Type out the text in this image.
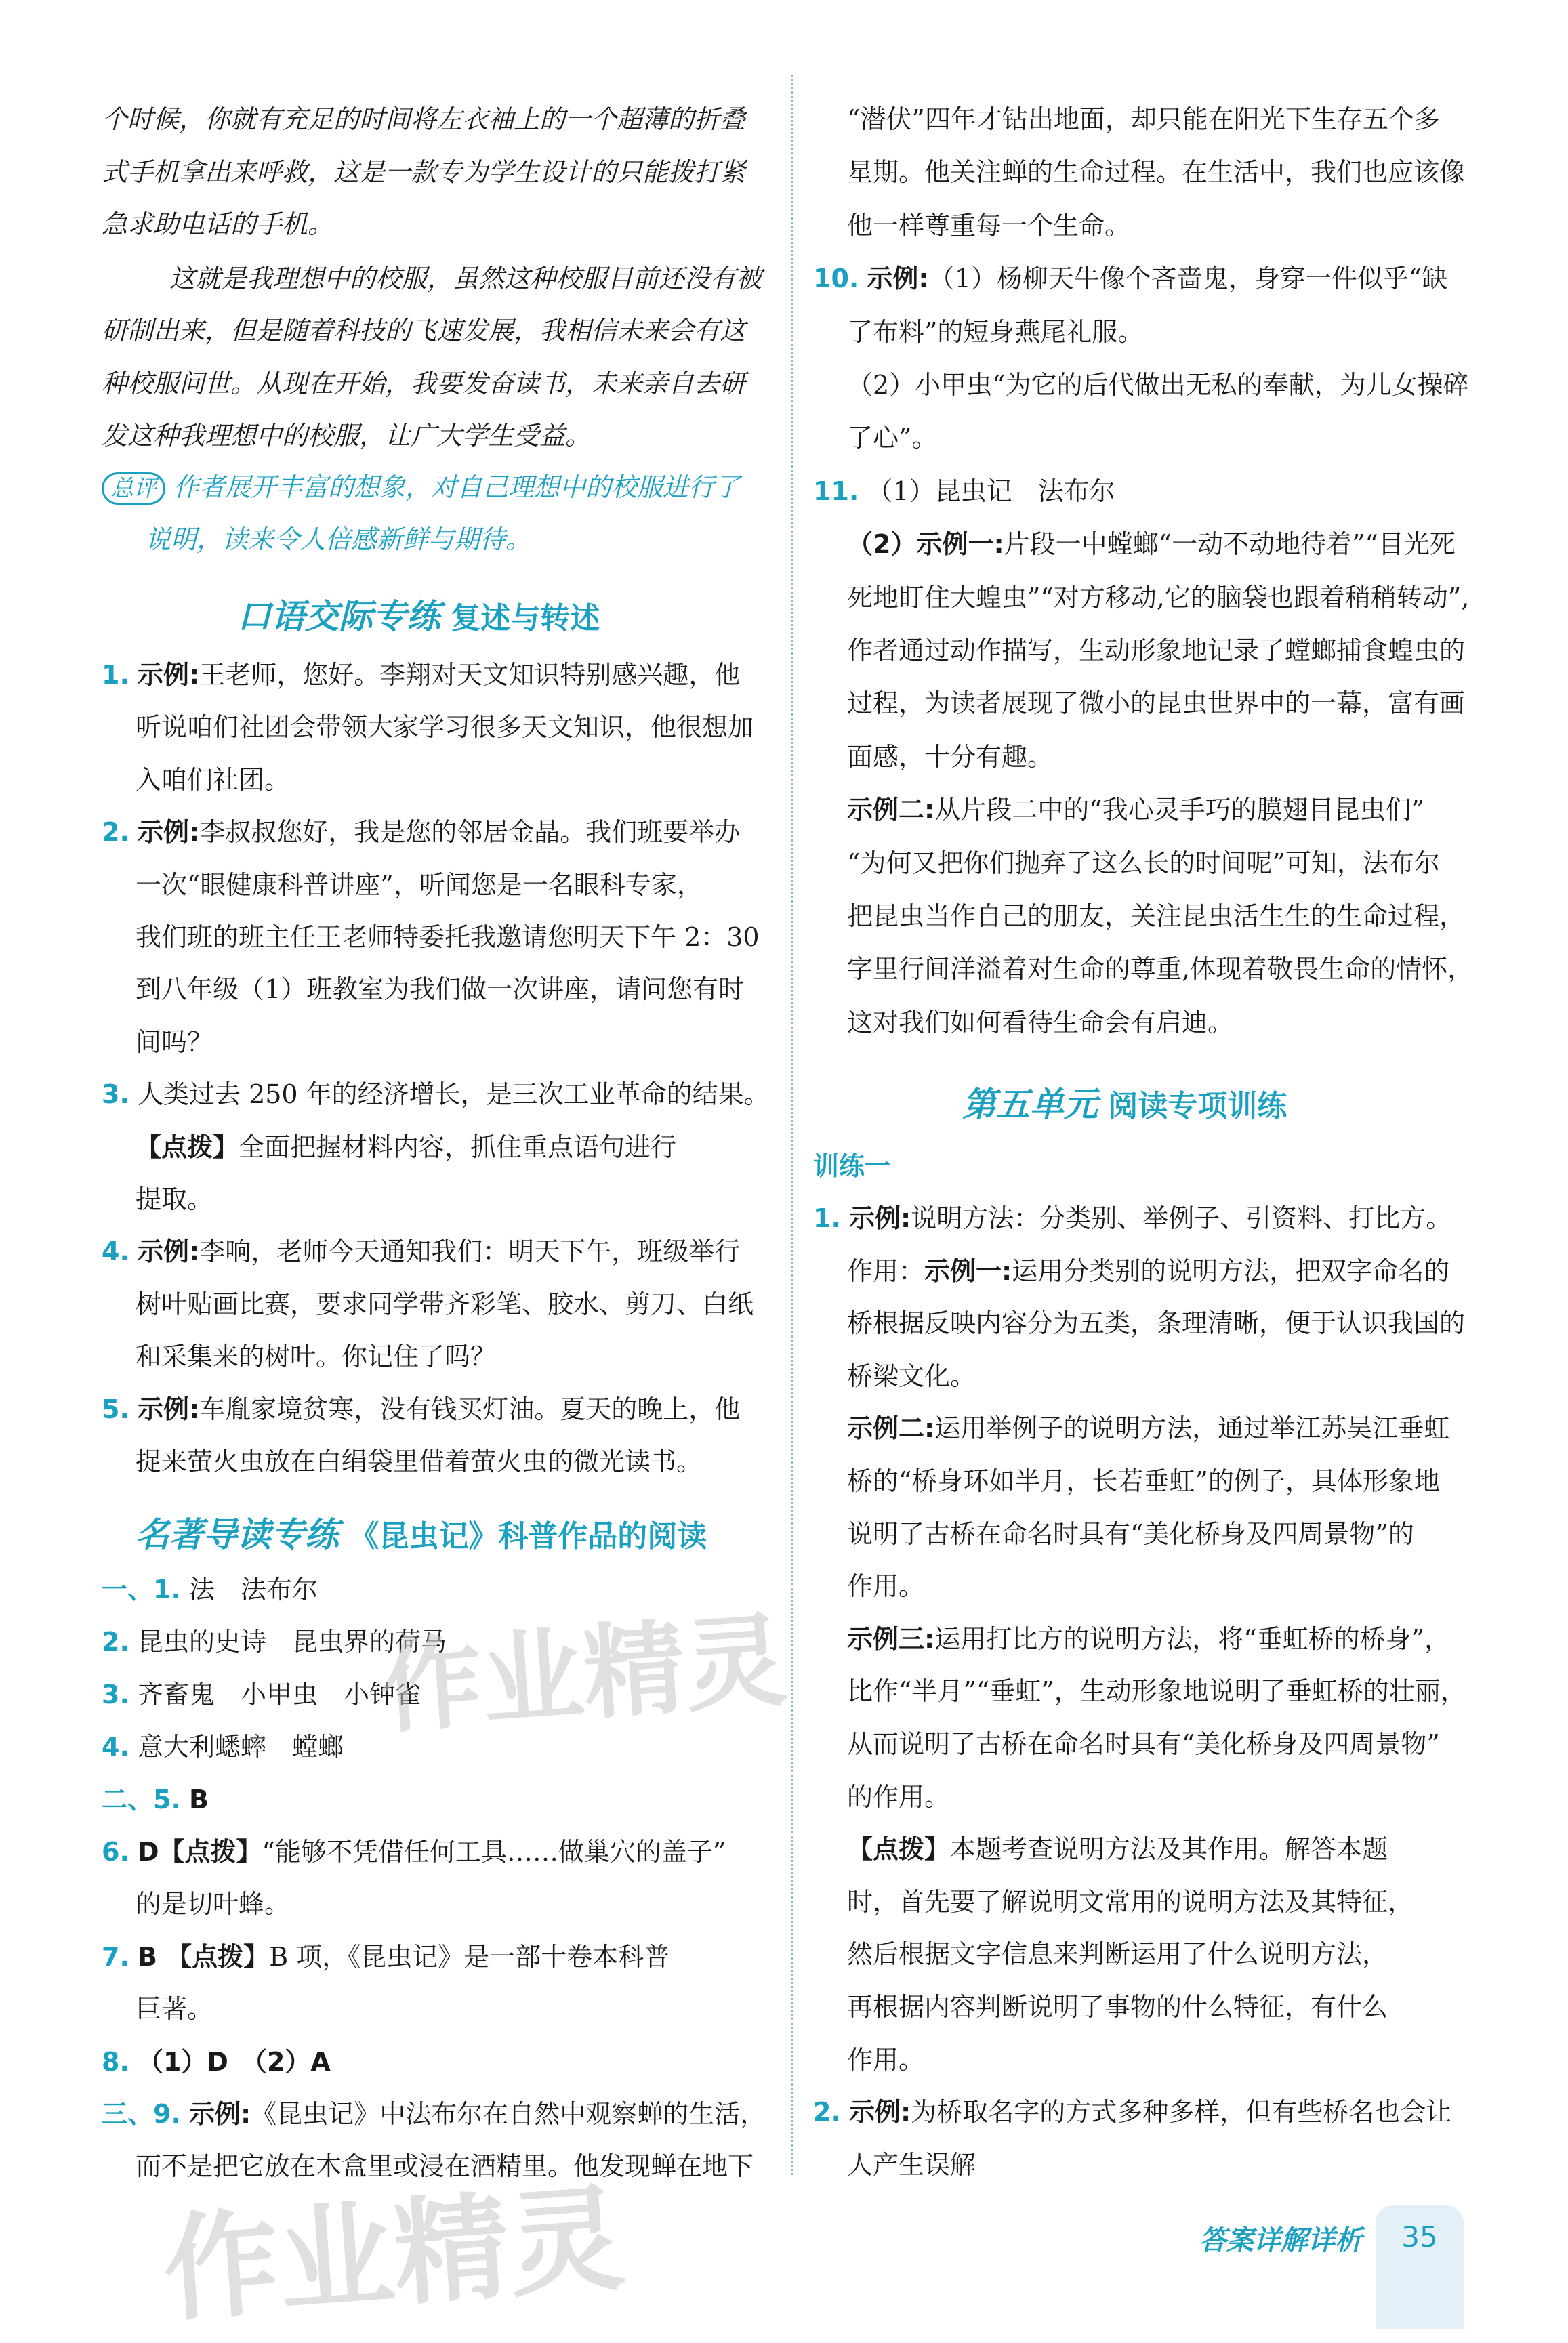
个时候，你就有充足的时间将左衣袖上的一个超薄的折叠
式手机拿出来呼救，这是一款专为学生设计的只能拨打紧
急求助电话的手机。
这就是我理想中的校服，虽然这种校服目前还没有被
研制出来，但是随着科技的飞速发展，我相信未来会有这
种校服问世。从现在开始，我要发奋读书，未来亲自去研
发这种我理想中的校服，让广大学生受益。
总评 作者展开丰富的想象，对自己理想中的校服进行了
说明，读来令人倍感新鲜与期待。
口语交际专练 复述与转述
1. 示例:王老师，您好。李翔对天文知识特别感兴趣，他
听说咱们社团会带领大家学习很多天文知识，他很想加
入咱们社团。
2. 示例:李叔叔您好，我是您的邻居金晶。我们班要举办
一次“眼健康科普讲座”，听闻您是一名眼科专家，
我们班的班主任王老师特委托我邀请您明天下午 2：30
到八年级（1）班教室为我们做一次讲座，请问您有时
间吗？
3. 人类过去 250 年的经济增长，是三次工业革命的结果。
【点拨】全面把握材料内容，抓住重点语句进行
提取。
4. 示例:李响，老师今天通知我们：明天下午，班级举行
树叶贴画比赛，要求同学带齐彩笔、胶水、剪刀、白纸
和采集来的树叶。你记住了吗？
5. 示例:车胤家境贫寒，没有钱买灯油。夏天的晚上，他
捉来萤火虫放在白绢袋里借着萤火虫的微光读书。
名著导读专练 《昆虫记》科普作品的阅读
一、1. 法　法布尔
2. 昆虫的史诗　昆虫界的荷马
3. 齐畜鬼　小甲虫　小钟雀
4. 意大利蟋蟀　螳螂
二、5. B
6. D【点拨】“能够不凭借任何工具……做巢穴的盖子”
的是切叶蜂。
7. B 【点拨】B 项，《昆虫记》是一部十卷本科普
巨著。
8. （1）D　（2）A
三、9. 示例:《昆虫记》中法布尔在自然中观察蝉的生活，
而不是把它放在木盒里或浸在酒精里。他发现蝉在地下
“潜伏”四年才钻出地面，却只能在阳光下生存五个多
星期。他关注蝉的生命过程。在生活中，我们也应该像
他一样尊重每一个生命。
10. 示例:（1）杨柳天牛像个吝啬鬼，身穿一件似乎“缺
了布料”的短身燕尾礼服。
（2）小甲虫“为它的后代做出无私的奉献，为儿女操碎
了心”。
11. （1）昆虫记　法布尔
（2）示例一:片段一中螳螂“一动不动地待着”“目光死
死地盯住大蝗虫”“对方移动,它的脑袋也跟着稍稍转动”,
作者通过动作描写，生动形象地记录了螳螂捕食蝗虫的
过程，为读者展现了微小的昆虫世界中的一幕，富有画
面感，十分有趣。
示例二:从片段二中的“我心灵手巧的膜翅目昆虫们”
“为何又把你们抛弃了这么长的时间呢”可知，法布尔
把昆虫当作自己的朋友，关注昆虫活生生的生命过程，
字里行间洋溢着对生命的尊重,体现着敬畏生命的情怀，
这对我们如何看待生命会有启迪。
第五单元 阅读专项训练
训练一
1. 示例:说明方法：分类别、举例子、引资料、打比方。
作用：示例一:运用分类别的说明方法，把双字命名的
桥根据反映内容分为五类，条理清晰，便于认识我国的
桥梁文化。
示例二:运用举例子的说明方法，通过举江苏吴江垂虹
桥的“桥身环如半月，长若垂虹”的例子，具体形象地
说明了古桥在命名时具有“美化桥身及四周景物”的
作用。
示例三:运用打比方的说明方法，将“垂虹桥的桥身”，
比作“半月”“垂虹”，生动形象地说明了垂虹桥的壮丽，
从而说明了古桥在命名时具有“美化桥身及四周景物”
的作用。
【点拨】本题考查说明方法及其作用。解答本题
时，首先要了解说明文常用的说明方法及其特征，
然后根据文字信息来判断运用了什么说明方法，
再根据内容判断说明了事物的什么特征，有什么
作用。
2. 示例:为桥取名字的方式多种多样，但有些桥名也会让
人产生误解
35
答案详解详析
作业精灵
作业精灵
